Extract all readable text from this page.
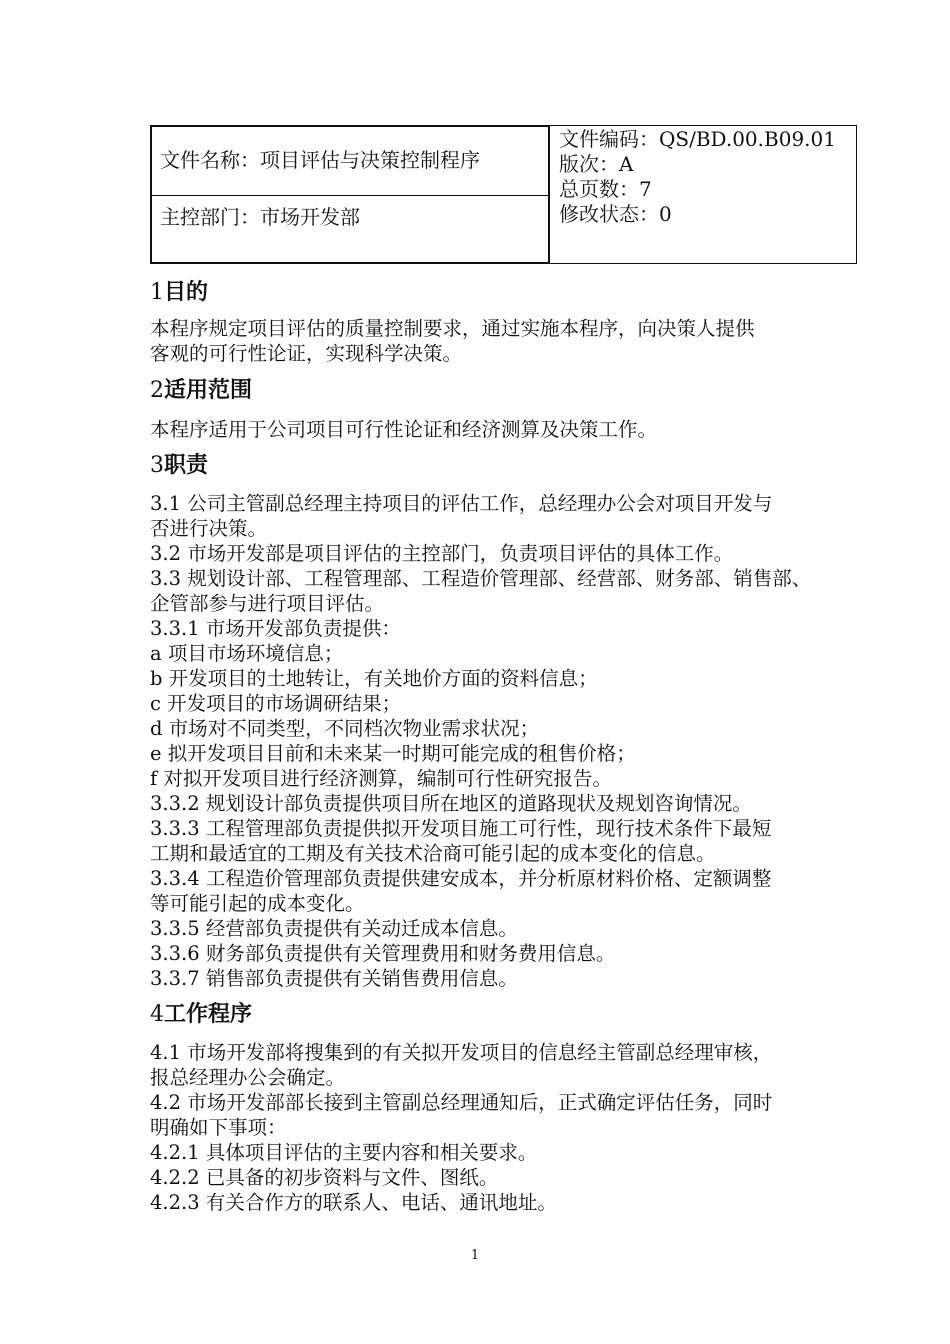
文件名称：项目评估与决策控制程序
主控部门：市场开发部
文件编码：QS/BD.00.B09.01
版次：A
总页数：7
修改状态：0
1目的
本程序规定项目评估的质量控制要求，通过实施本程序，向决策人提供
客观的可行性论证，实现科学决策。
2适用范围
本程序适用于公司项目可行性论证和经济测算及决策工作。
3职责
3.1 公司主管副总经理主持项目的评估工作，总经理办公会对项目开发与
否进行决策。
3.2 市场开发部是项目评估的主控部门，负责项目评估的具体工作。
3.3 规划设计部、工程管理部、工程造价管理部、经营部、财务部、销售部、
企管部参与进行项目评估。
3.3.1 市场开发部负责提供：
a 项目市场环境信息；
b 开发项目的土地转让，有关地价方面的资料信息；
c 开发项目的市场调研结果；
d 市场对不同类型，不同档次物业需求状况；
e 拟开发项目目前和未来某一时期可能完成的租售价格；
f 对拟开发项目进行经济测算，编制可行性研究报告。
3.3.2 规划设计部负责提供项目所在地区的道路现状及规划咨询情况。
3.3.3 工程管理部负责提供拟开发项目施工可行性，现行技术条件下最短
工期和最适宜的工期及有关技术洽商可能引起的成本变化的信息。
3.3.4 工程造价管理部负责提供建安成本，并分析原材料价格、定额调整
等可能引起的成本变化。
3.3.5 经营部负责提供有关动迁成本信息。
3.3.6 财务部负责提供有关管理费用和财务费用信息。
3.3.7 销售部负责提供有关销售费用信息。
4工作程序
4.1 市场开发部将搜集到的有关拟开发项目的信息经主管副总经理审核，
报总经理办公会确定。
4.2 市场开发部部长接到主管副总经理通知后，正式确定评估任务，同时
明确如下事项：
4.2.1 具体项目评估的主要内容和相关要求。
4.2.2 已具备的初步资料与文件、图纸。
4.2.3 有关合作方的联系人、电话、通讯地址。
1
